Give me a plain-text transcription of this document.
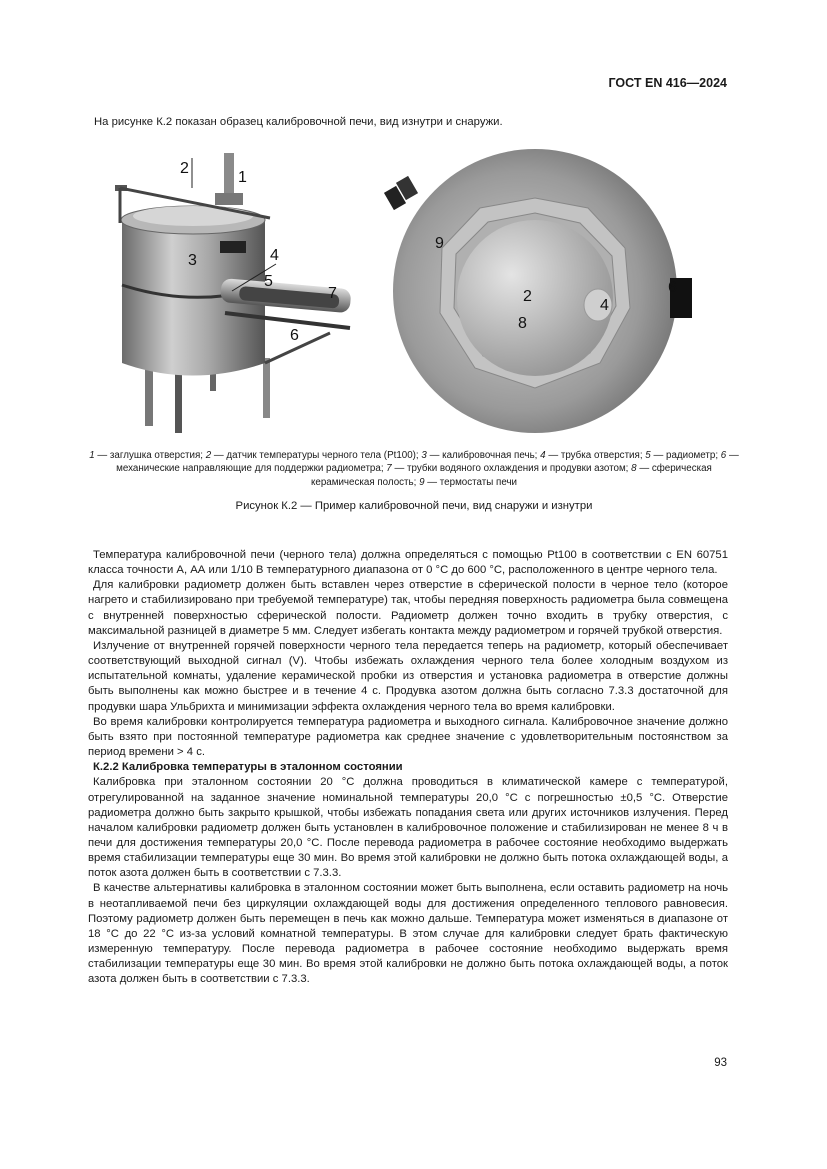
ГОСТ EN 416—2024
На рисунке К.2 показан образец калибровочной печи, вид изнутри и снаружи.
2
1
3	4
5
7
6
9
2
4
8
6
1 — заглушка отверстия; 2 — датчик температуры черного тела (Pt100); 3 — калибровочная печь; 4 — трубка отверстия; 5 — радиометр; 6 — механические направляющие для поддержки радиометра; 7 — трубки водяного охлаждения и продувки азотом; 8 — сферическая керамическая полость; 9 — термостаты печи
Рисунок К.2 — Пример калибровочной печи, вид снаружи и изнутри

Температура калибровочной печи (черного тела) должна определяться с помощью Pt100 в соответствии с EN 60751 класса точности А, АА или 1/10 В температурного диапазона от 0 °С до 600 °С, расположенного в центре черного тела.

Для калибровки радиометр должен быть вставлен через отверстие в сферической полости в черное тело (которое нагрето и стабилизировано при требуемой температуре) так, чтобы передняя поверхность радиометра была совмещена с внутренней поверхностью сферической полости. Радиометр должен точно входить в трубку отверстия, с максимальной разницей в диаметре 5 мм. Следует избегать контакта между радиометром и горячей трубкой отверстия.

Излучение от внутренней горячей поверхности черного тела передается теперь на радиометр, который обеспечивает соответствующий выходной сигнал (V). Чтобы избежать охлаждения черного тела более холодным воздухом из испытательной комнаты, удаление керамической пробки из отверстия и установка радиометра в отверстие должны быть выполнены как можно быстрее и в течение 4 с. Продувка азотом должна быть согласно 7.3.3 достаточной для продувки шара Ульбрихта и минимизации эффекта охлаждения черного тела во время калибровки.

Во время калибровки контролируется температура радиометра и выходного сигнала. Калибровочное значение должно быть взято при постоянной температуре радиометра как среднее значение с удовлетворительным постоянством за период времени > 4 с.

К.2.2 Калибровка температуры в эталонном состоянии

Калибровка при эталонном состоянии 20 °С должна проводиться в климатической камере с температурой, отрегулированной на заданное значение номинальной температуры 20,0 °С с погрешностью ±0,5 °С. Отверстие радиометра должно быть закрыто крышкой, чтобы избежать попадания света или других источников излучения. Перед началом калибровки радиометр должен быть установлен в калибровочное положение и стабилизирован не менее 8 ч в печи для достижения температуры 20,0 °С. После перевода радиометра в рабочее состояние необходимо выдержать время стабилизации температуры еще 30 мин. Во время этой калибровки не должно быть потока охлаждающей воды, а поток азота должен быть в соответствии с 7.3.3.

В качестве альтернативы калибровка в эталонном состоянии может быть выполнена, если оставить радиометр на ночь в неотапливаемой печи без циркуляции охлаждающей воды для достижения определенного теплового равновесия. Поэтому радиометр должен быть перемещен в печь как можно дальше. Температура может изменяться в диапазоне от 18 °С до 22 °С из-за условий комнатной температуры. В этом случае для калибровки следует брать фактическую измеренную температуру. После перевода радиометра в рабочее состояние необходимо выдержать время стабилизации температуры еще 30 мин. Во время этой калибровки не должно быть потока охлаждающей воды, а поток азота должен быть в соответствии с 7.3.3.

93
